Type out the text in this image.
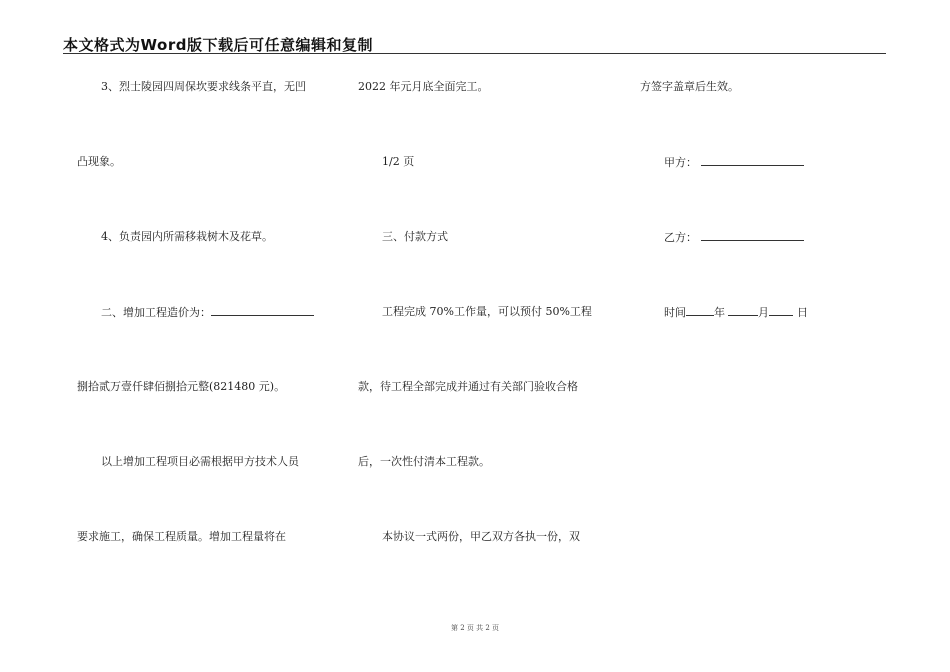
本文格式为Word版下载后可任意编辑和复制
3、烈士陵园四周保坎要求线条平直，无凹
凸现象。
4、负责园内所需移栽树木及花草。
二、增加工程造价为：
捌拾贰万壹仟肆佰捌拾元整(821480 元)。
以上增加工程项目必需根据甲方技术人员
要求施工，确保工程质量。增加工程量将在
2022 年元月底全面完工。
1/2 页
三、付款方式
工程完成 70%工作量，可以预付 50%工程
款，待工程全部完成并通过有关部门验收合格
后，一次性付清本工程款。
本协议一式两份，甲乙双方各执一份，双
方签字盖章后生效。
甲方：
乙方：
时间	年	月	日
第 2 页 共 2 页
